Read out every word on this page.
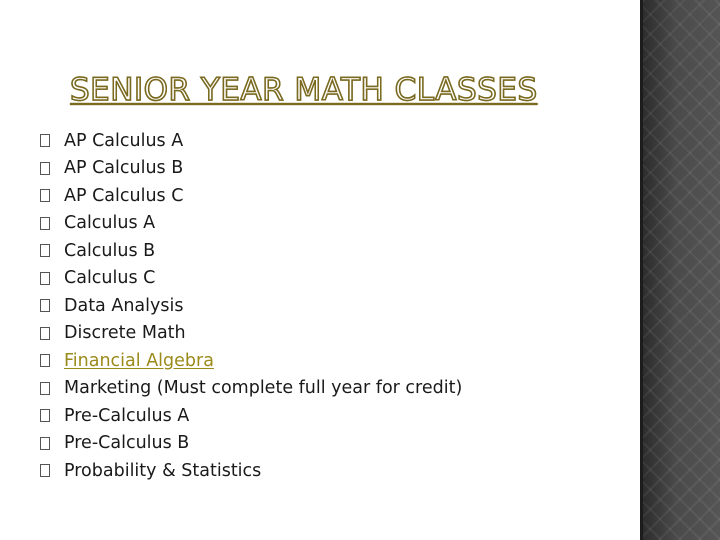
SENIOR YEAR MATH CLASSES
AP Calculus A
AP Calculus B
AP Calculus C
Calculus A
Calculus B
Calculus C
Data Analysis
Discrete Math
Financial Algebra
Marketing (Must complete full year for credit)
Pre-Calculus A
Pre-Calculus B
Probability & Statistics
